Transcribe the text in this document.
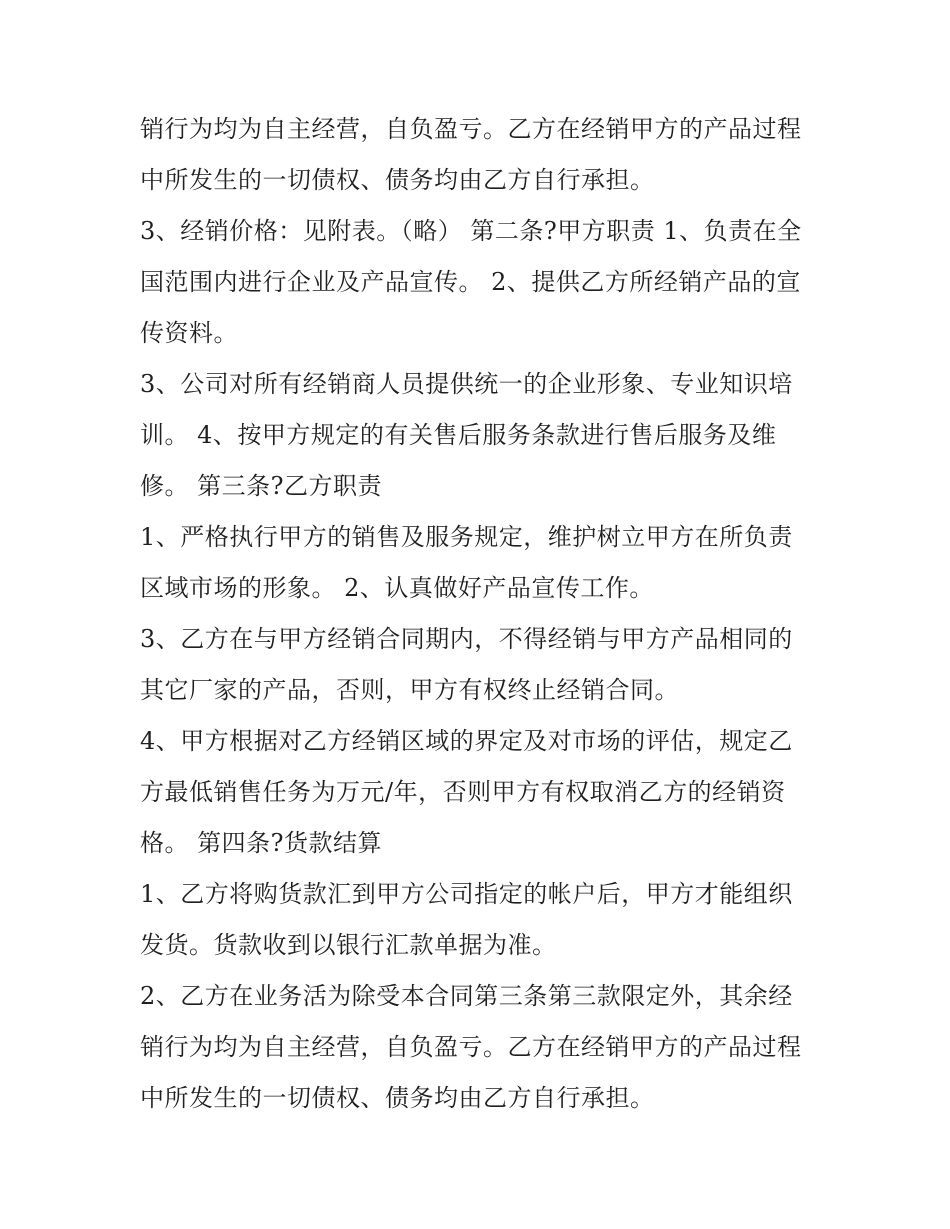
销行为均为自主经营，自负盈亏。乙方在经销甲方的产品过程
中所发生的一切债权、债务均由乙方自行承担。
3、经销价格：见附表。（略） 第二条?甲方职责 1、负责在全
国范围内进行企业及产品宣传。 2、提供乙方所经销产品的宣
传资料。
3、公司对所有经销商人员提供统一的企业形象、专业知识培
训。 4、按甲方规定的有关售后服务条款进行售后服务及维
修。 第三条?乙方职责
1、严格执行甲方的销售及服务规定，维护树立甲方在所负责
区域市场的形象。 2、认真做好产品宣传工作。
3、乙方在与甲方经销合同期内，不得经销与甲方产品相同的
其它厂家的产品，否则，甲方有权终止经销合同。
4、甲方根据对乙方经销区域的界定及对市场的评估，规定乙
方最低销售任务为万元/年，否则甲方有权取消乙方的经销资
格。 第四条?货款结算
1、乙方将购货款汇到甲方公司指定的帐户后，甲方才能组织
发货。货款收到以银行汇款单据为准。
2、乙方在业务活为除受本合同第三条第三款限定外，其余经
销行为均为自主经营，自负盈亏。乙方在经销甲方的产品过程
中所发生的一切债权、债务均由乙方自行承担。
